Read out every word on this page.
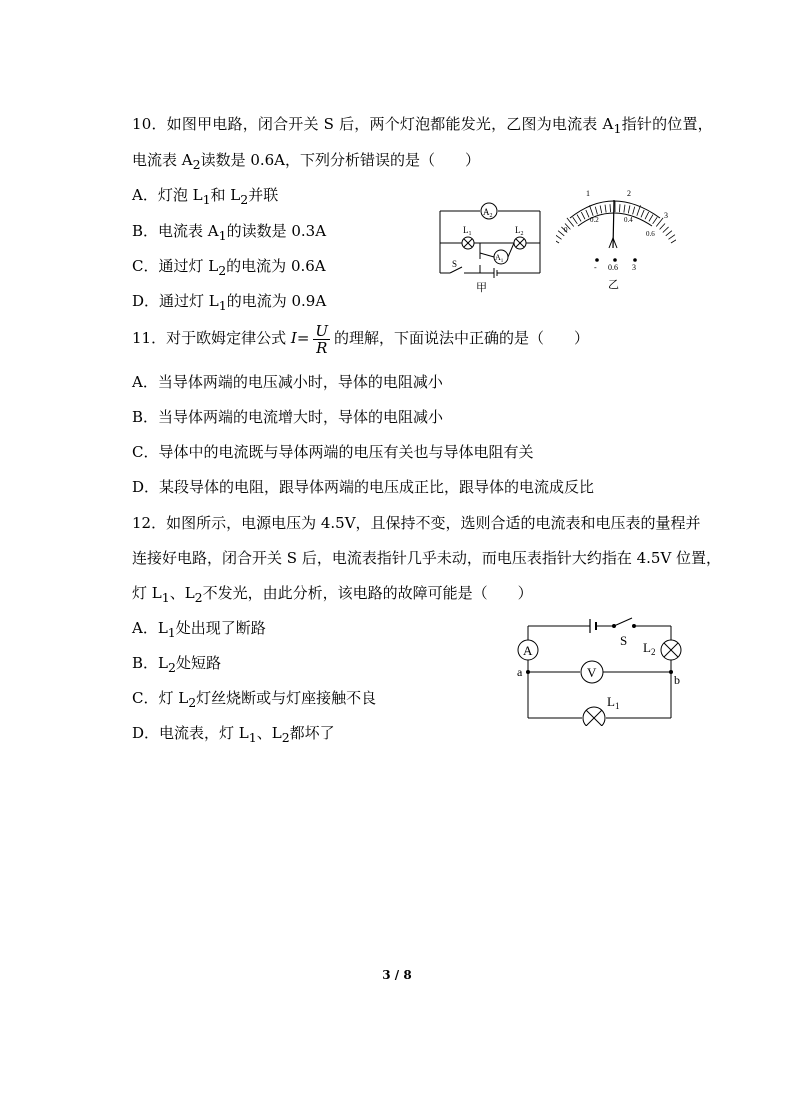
10．如图甲电路，闭合开关 S 后，两个灯泡都能发光，乙图为电流表 $A_1$指针的位置，
电流表 $A_2$读数是 0.6A，下列分析错误的是（　　）
A．灯泡 $L_1$和 $L_2$并联
B．电流表 $A_1$的读数是 0.3A
C．通过灯 $L_2$的电流为 0.6A
D．通过灯 $L_1$的电流为 0.9A
$A_2$
$L_1$	$L_2$
$A_1$
S
甲
1	2
3
0
0.2	0.4
0.6
- 0.6 3
乙
11．对于欧姆定律公式 $I= \frac{U}{R}$ 的理解，下面说法中正确的是（　　）
A．当导体两端的电压减小时，导体的电阻减小
B．当导体两端的电流增大时，导体的电阻减小
C．导体中的电流既与导体两端的电压有关也与导体电阻有关
D．某段导体的电阻，跟导体两端的电压成正比，跟导体的电流成反比
12．如图所示，电源电压为 4.5V，且保持不变，选则合适的电流表和电压表的量程并
连接好电路，闭合开关 S 后，电流表指针几乎未动，而电压表指针大约指在 4.5V 位置，
灯 $L_1$、$L_2$不发光，由此分析，该电路的故障可能是（　　）
A．$L_1$处出现了断路
B．$L_2$处短路
C．灯 $L_2$灯丝烧断或与灯座接触不良
D．电流表，灯 $L_1$、$L_2$都坏了
A
V
S $L_2$
$L_1$
a
b
3 / 8
